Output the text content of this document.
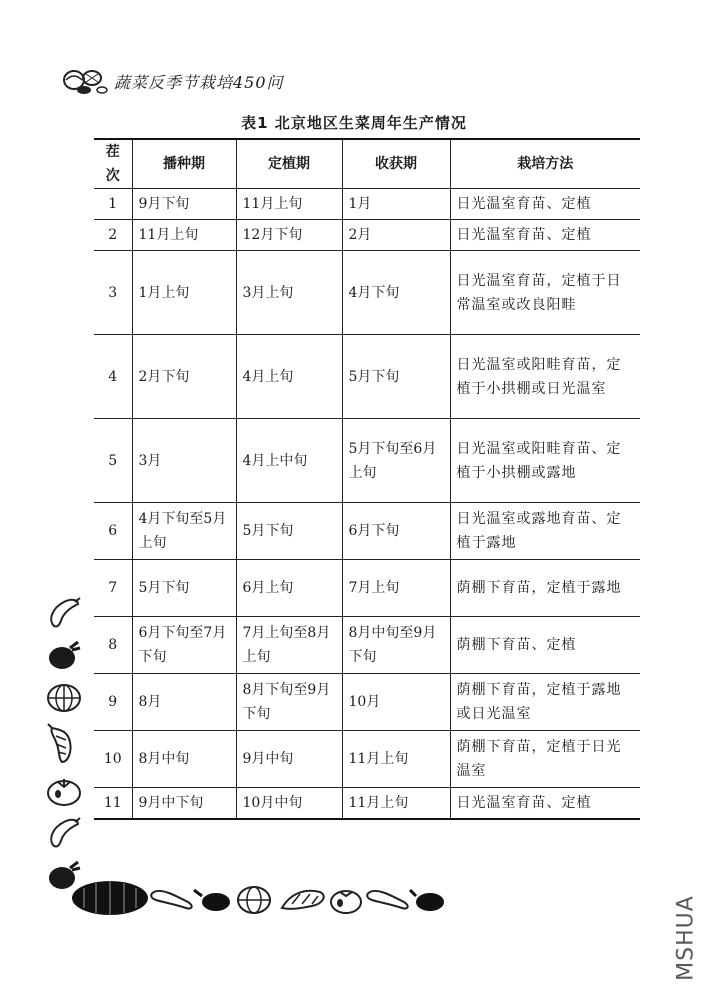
蔬菜反季节栽培450问
表1 北京地区生菜周年生产情况
茬次	播种期	定植期	收获期	栽培方法
1	9月下旬	11月上旬	1月	日光温室育苗、定植
2	11月上旬	12月下旬	2月	日光温室育苗、定植
3	1月上旬	3月上旬	4月下旬	日光温室育苗，定植于日常温室或改良阳畦
4	2月下旬	4月上旬	5月下旬	日光温室或阳畦育苗，定植于小拱棚或日光温室
5	3月	4月上中旬	5月下旬至6月上旬	日光温室或阳畦育苗、定植于小拱棚或露地
6	4月下旬至5月上旬	5月下旬	6月下旬	日光温室或露地育苗、定植于露地
7	5月下旬	6月上旬	7月上旬	荫棚下育苗，定植于露地
8	6月下旬至7月下旬	7月上旬至8月上旬	8月中旬至9月下旬	荫棚下育苗、定植
9	8月	8月下旬至9月下旬	10月	荫棚下育苗，定植于露地或日光温室
10	8月中旬	9月中旬	11月上旬	荫棚下育苗，定植于日光温室
11	9月中下旬	10月中旬	11月上旬	日光温室育苗、定植
MSHUA
